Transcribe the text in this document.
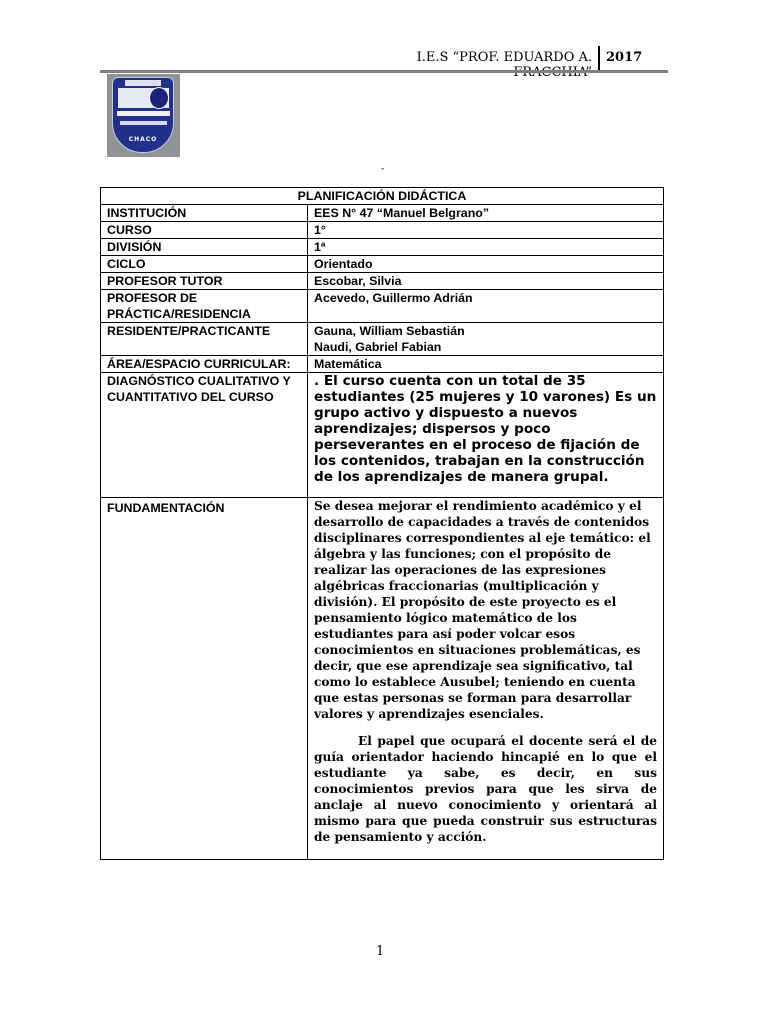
I.E.S “PROF. EDUARDO A. 2017
CHACO
-
PLANIFICACIÓN DIDÁCTICA	
INSTITUCIÓN	EES N° 47 “Manuel Belgrano”
CURSO	1°
DIVISIÓN	1ª
CICLO	Orientado
PROFESOR TUTOR	Escobar, Silvia
PROFESOR DE PRÁCTICA/RESIDENCIA	Acevedo, Guillermo Adrián
RESIDENTE/PRACTICANTE	Gauna, William Sebastián
Naudi, Gabriel Fabian

ÁREA/ESPACIO CURRICULAR:	Matemática
DIAGNÓSTICO CUALITATIVO Y CUANTITATIVO DEL CURSO	. El curso cuenta con un total de 35 estudiantes (25 mujeres y 10 varones) Es un grupo activo y dispuesto a nuevos aprendizajes; dispersos y poco perseverantes en el proceso de fijación de los contenidos, trabajan en la construcción de los aprendizajes de manera grupal.
FUNDAMENTACIÓN	Se desea mejorar el rendimiento académico y el desarrollo de capacidades a través de contenidos disciplinares correspondientes al eje temático: el álgebra y las funciones; con el propósito de realizar las operaciones de las expresiones algébricas fraccionarias (multiplicación y división). El propósito de este proyecto es el pensamiento lógico matemático de los estudiantes para así poder volcar esos conocimientos en situaciones problemáticas, es decir, que ese aprendizaje sea significativo, tal como lo establece Ausubel; teniendo en cuenta que estas personas se forman para desarrollar valores y aprendizajes esenciales.

El papel que ocupará el docente será el de guía orientador haciendo hincapié en lo que el estudiante ya sabe, es decir, en sus conocimientos previos para que les sirva de anclaje al nuevo conocimiento y orientará al mismo para que pueda construir sus estructuras de pensamiento y acción.

1
